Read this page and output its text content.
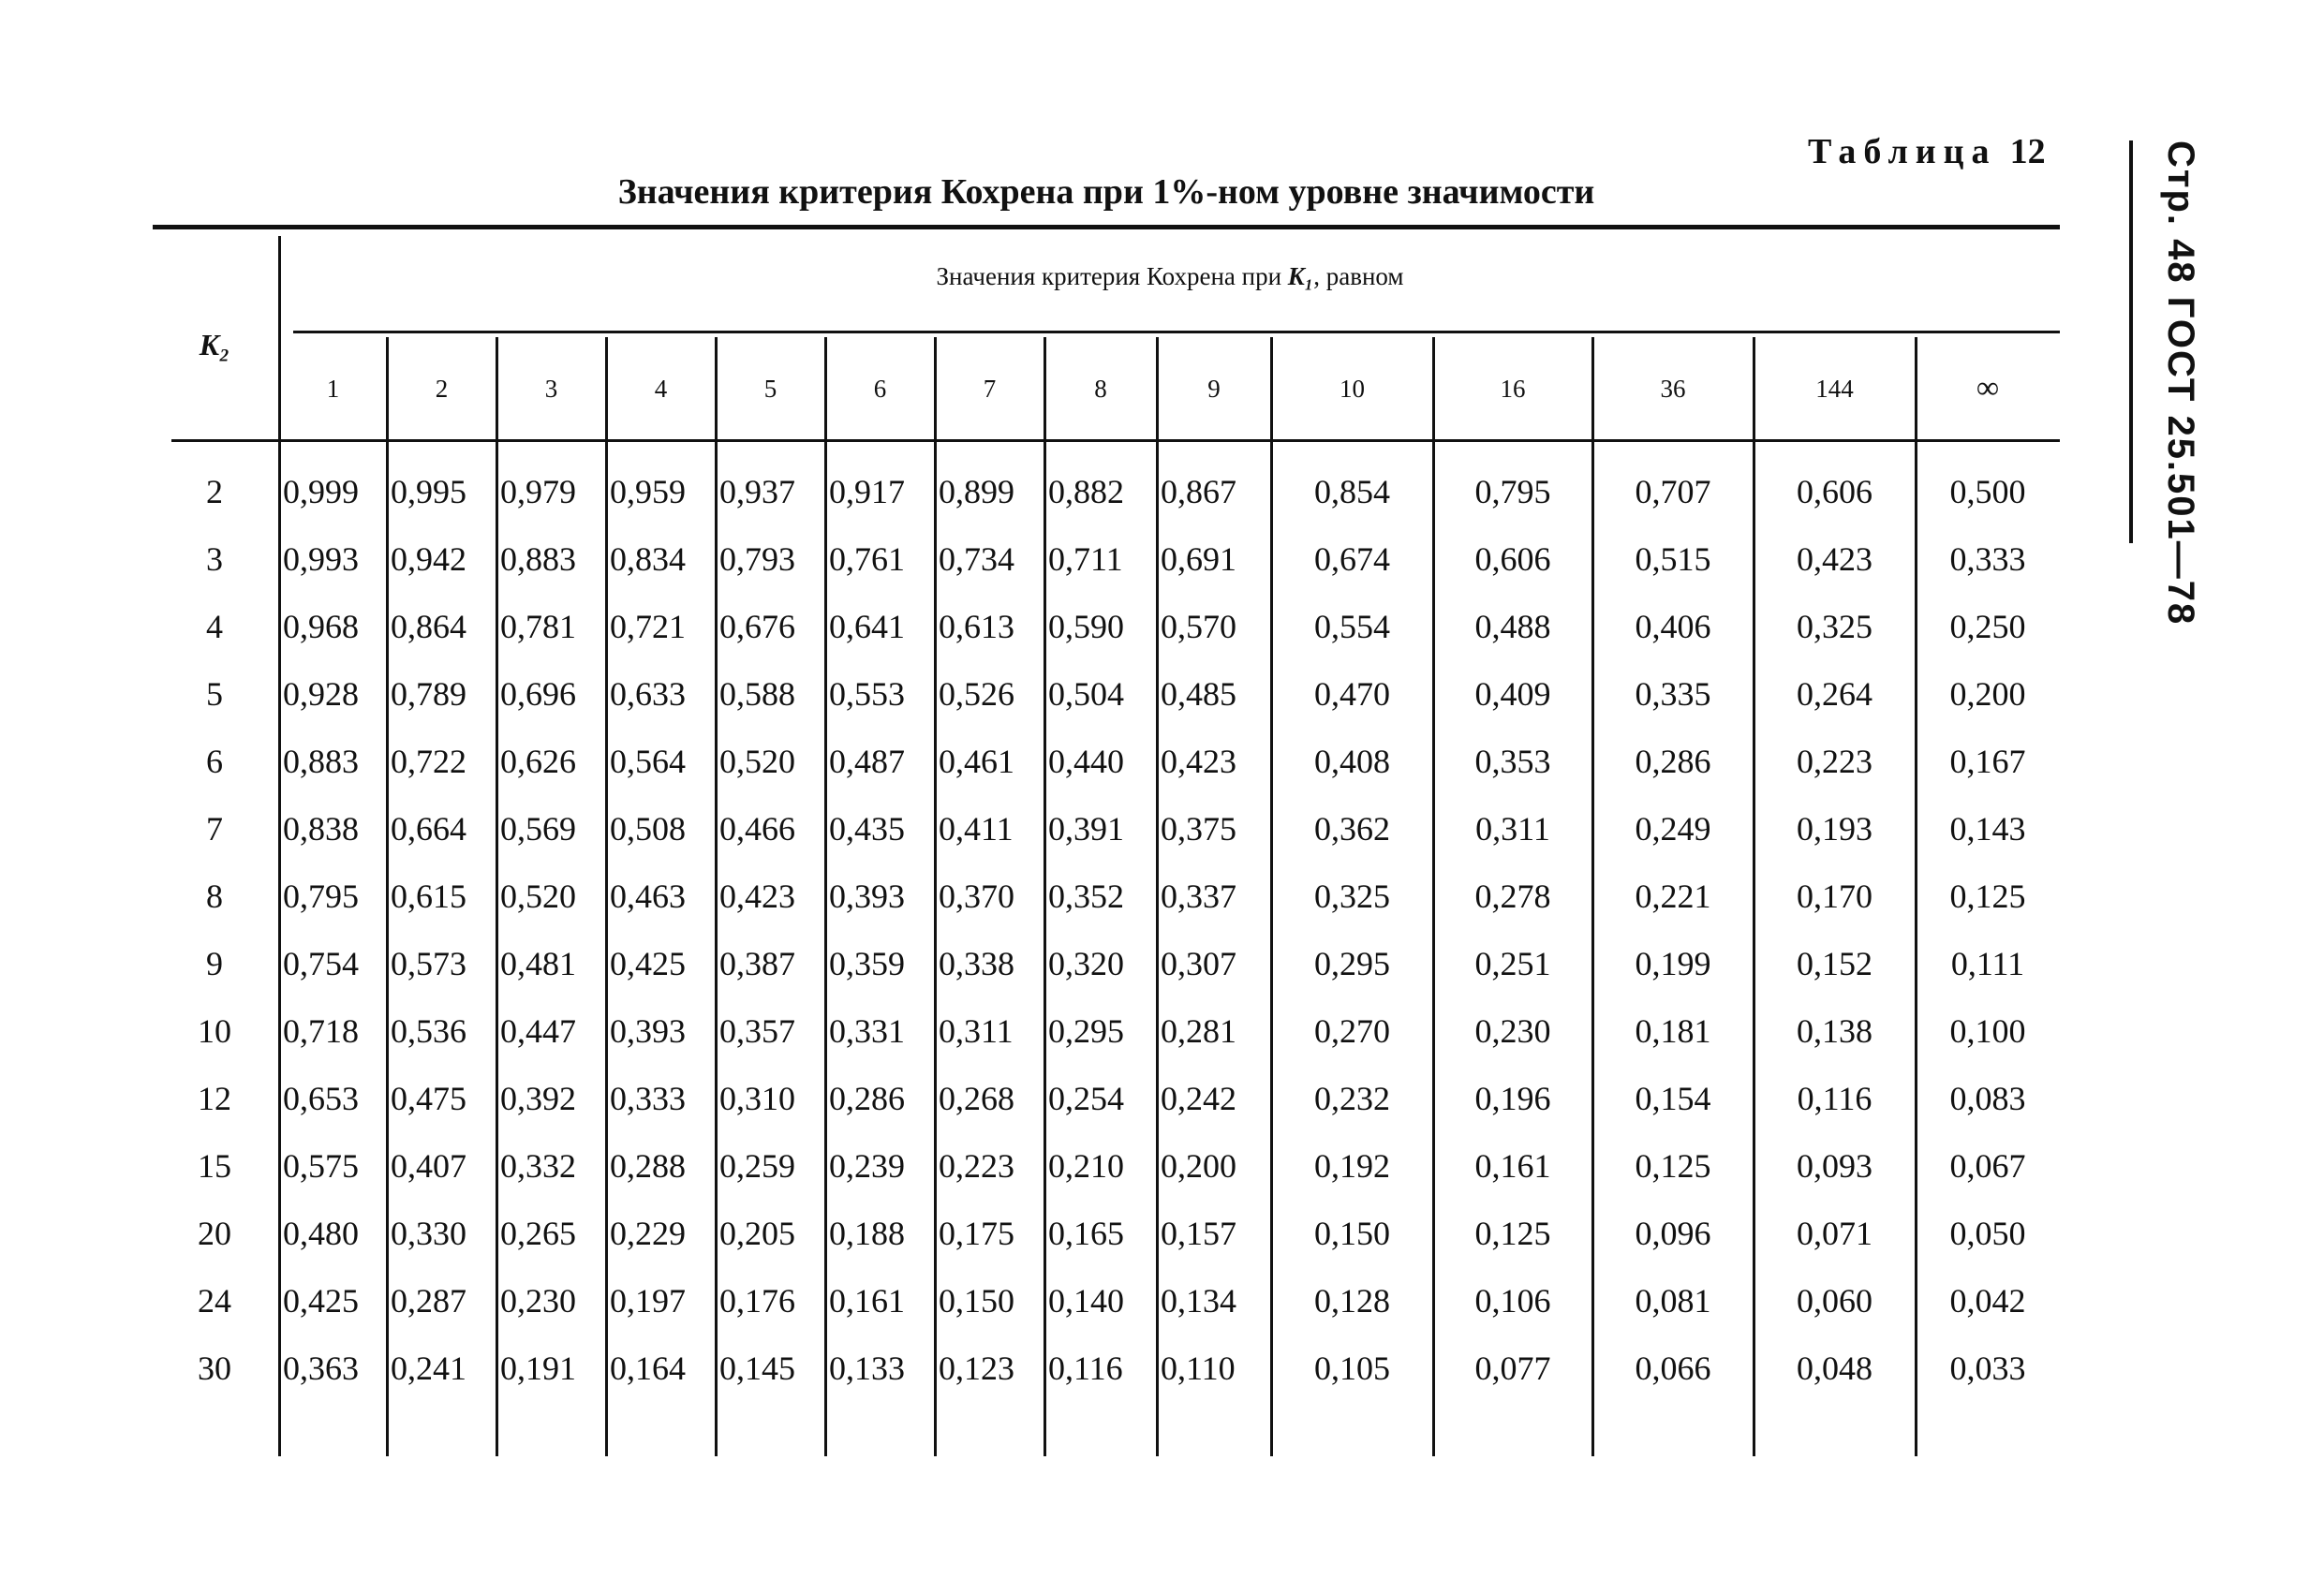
Таблица 12
Значения критерия Кохрена при 1%-ном уровне значимости	Стр. 48 ГОСТ 25.501—78
Значения критерия Кохрена при K₁, равном
K₂
1	2	3	4	5	6	7	8	9	10	16	36	144	∞
2	0,999 0,995 0,979 0,959 0,937 0,917 0,899 0,882 0,867	0,854	0,795	0,707	0,606	0,500
3	0,993 0,942 0,883 0,834 0,793 0,761 0,734 0,711 0,691	0,674	0,606	0,515	0,423	0,333
4	0,968 0,864 0,781 0,721 0,676 0,641 0,613 0,590 0,570	0,554	0,488	0,406	0,325	0,250
5	0,928 0,789 0,696 0,633 0,588 0,553 0,526 0,504 0,485	0,470	0,409	0,335	0,264	0,200
6	0,883 0,722 0,626 0,564 0,520 0,487 0,461 0,440 0,423	0,408	0,353	0,286	0,223	0,167
7	0,838 0,664 0,569 0,508 0,466 0,435 0,411 0,391 0,375	0,362	0,311	0,249	0,193	0,143
8	0,795 0,615 0,520 0,463 0,423 0,393 0,370 0,352 0,337	0,325	0,278	0,221	0,170	0,125
9	0,754 0,573 0,481 0,425 0,387 0,359 0,338 0,320 0,307	0,295	0,251	0,199	0,152	0,111
10	0,718 0,536 0,447 0,393 0,357 0,331 0,311 0,295 0,281	0,270	0,230	0,181	0,138	0,100
12	0,653 0,475 0,392 0,333 0,310 0,286 0,268 0,254 0,242	0,232	0,196	0,154	0,116	0,083
15	0,575 0,407 0,332 0,288 0,259 0,239 0,223 0,210 0,200	0,192	0,161	0,125	0,093	0,067
20	0,480 0,330 0,265 0,229 0,205 0,188 0,175 0,165 0,157	0,150	0,125	0,096	0,071	0,050
24	0,425 0,287 0,230 0,197 0,176 0,161 0,150 0,140 0,134	0,128	0,106	0,081	0,060	0,042
30	0,363 0,241 0,191 0,164 0,145 0,133 0,123 0,116 0,110	0,105	0,077	0,066	0,048	0,033
